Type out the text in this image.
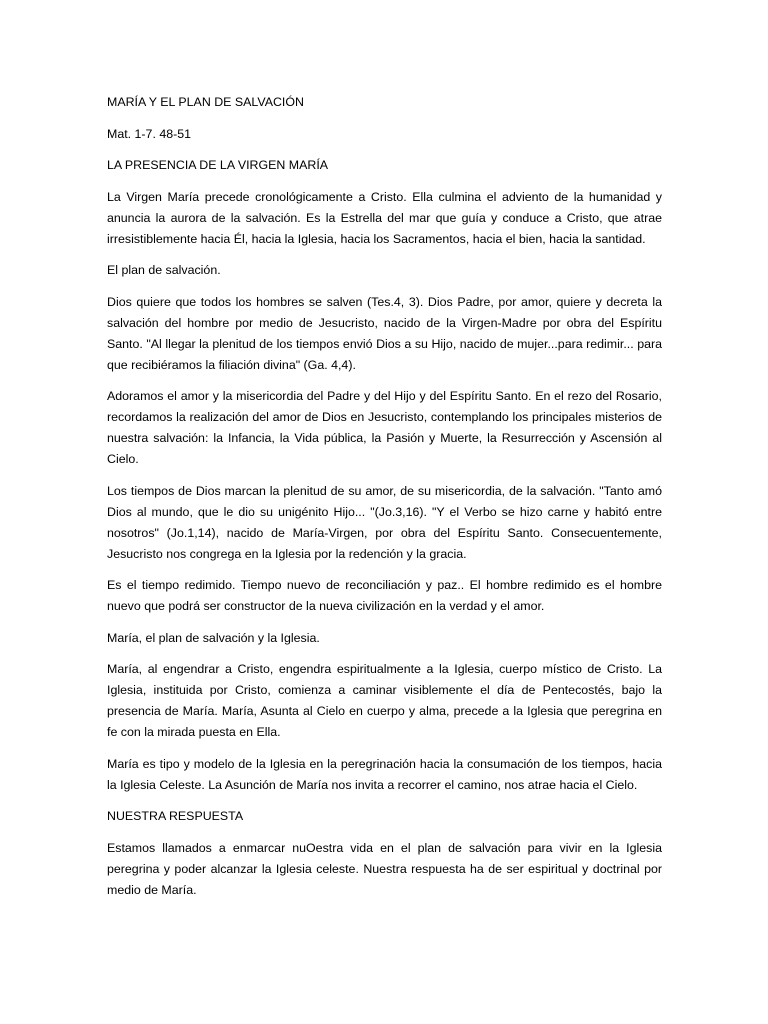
MARÍA Y EL PLAN DE SALVACIÓN

Mat. 1-7. 48-51

LA PRESENCIA DE LA VIRGEN MARÍA

La Virgen María precede cronológicamente a Cristo. Ella culmina el adviento de la humanidad y anuncia la aurora de la salvación. Es la Estrella del mar que guía y conduce a Cristo, que atrae irresistiblemente hacia Él, hacia la Iglesia, hacia los Sacramentos, hacia el bien, hacia la santidad.

El plan de salvación.

Dios quiere que todos los hombres se salven (Tes.4, 3). Dios Padre, por amor, quiere y decreta la salvación del hombre por medio de Jesucristo, nacido de la Virgen-Madre por obra del Espíritu Santo. "Al llegar la plenitud de los tiempos envió Dios a su Hijo, nacido de mujer...para redimir... para que recibiéramos la filiación divina" (Ga. 4,4).

Adoramos el amor y la misericordia del Padre y del Hijo y del Espíritu Santo. En el rezo del Rosario, recordamos la realización del amor de Dios en Jesucristo, contemplando los principales misterios de nuestra salvación: la Infancia, la Vida pública, la Pasión y Muerte, la Resurrección y Ascensión al Cielo.

Los tiempos de Dios marcan la plenitud de su amor, de su misericordia, de la salvación. "Tanto amó Dios al mundo, que le dio su unigénito Hijo... "(Jo.3,16). "Y el Verbo se hizo carne y habitó entre nosotros" (Jo.1,14), nacido de María-Virgen, por obra del Espíritu Santo. Consecuentemente, Jesucristo nos congrega en la Iglesia por la redención y la gracia.

Es el tiempo redimido. Tiempo nuevo de reconciliación y paz.. El hombre redimido es el hombre nuevo que podrá ser constructor de la nueva civilización en la verdad y el amor.

María, el plan de salvación y la Iglesia.

María, al engendrar a Cristo, engendra espiritualmente a la Iglesia, cuerpo místico de Cristo. La Iglesia, instituida por Cristo, comienza a caminar visiblemente el día de Pentecostés, bajo la presencia de María. María, Asunta al Cielo en cuerpo y alma, precede a la Iglesia que peregrina en fe con la mirada puesta en Ella.

María es tipo y modelo de la Iglesia en la peregrinación hacia la consumación de los tiempos, hacia la Iglesia Celeste. La Asunción de María nos invita a recorrer el camino, nos atrae hacia el Cielo.

NUESTRA RESPUESTA

Estamos llamados a enmarcar nuOestra vida en el plan de salvación para vivir en la Iglesia peregrina y poder alcanzar la Iglesia celeste. Nuestra respuesta ha de ser espiritual y doctrinal por medio de María.
